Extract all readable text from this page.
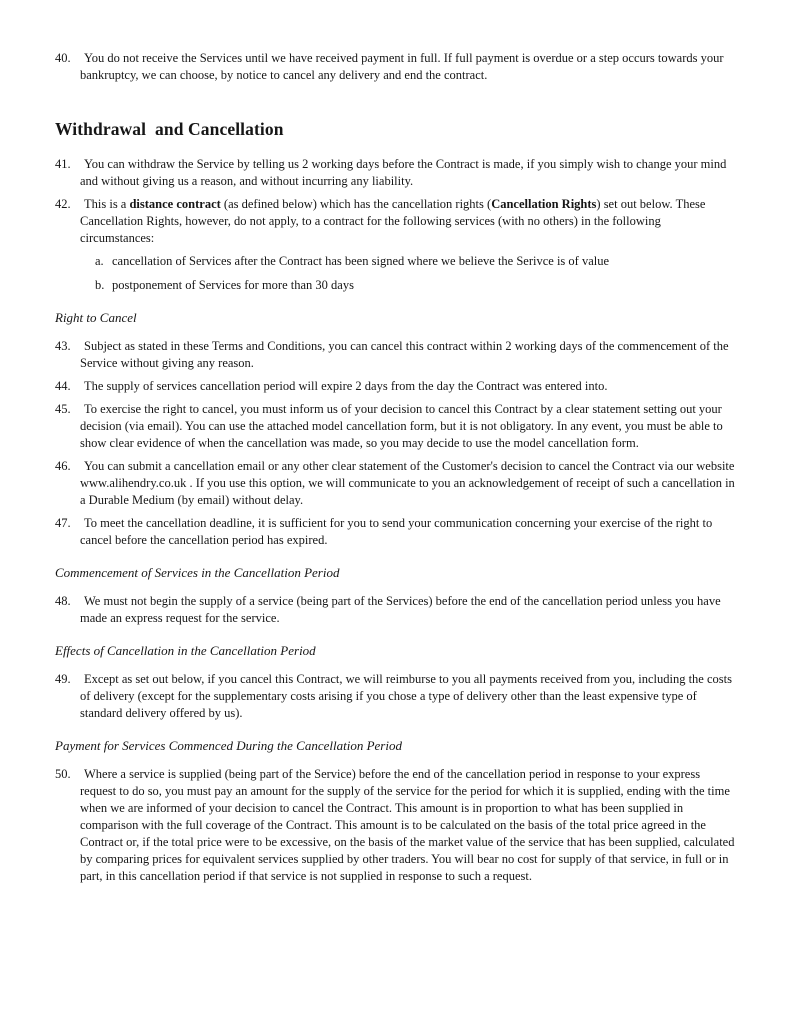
40.	You do not receive the Services until we have received payment in full. If full payment is overdue or a step occurs towards your bankruptcy, we can choose, by notice to cancel any delivery and end the contract.
Withdrawal  and Cancellation
41.	You can withdraw the Service by telling us 2 working days before the Contract is made, if you simply wish to change your mind and without giving us a reason, and without incurring any liability.
42.	This is a distance contract (as defined below) which has the cancellation rights (Cancellation Rights) set out below. These Cancellation Rights, however, do not apply, to a contract for the following services (with no others) in the following circumstances:
a. cancellation of Services after the Contract has been signed where we believe the Serivce is of value
b. postponement of Services for more than 30 days
Right to Cancel
43.	Subject as stated in these Terms and Conditions, you can cancel this contract within 2 working days of the commencement of the Service without giving any reason.
44.	The supply of services cancellation period will expire 2 days from the day the Contract was entered into.
45.	To exercise the right to cancel, you must inform us of your decision to cancel this Contract by a clear statement setting out your decision (via email). You can use the attached model cancellation form, but it is not obligatory. In any event, you must be able to show clear evidence of when the cancellation was made, so you may decide to use the model cancellation form.
46.	You can submit a cancellation email or any other clear statement of the Customer's decision to cancel the Contract via our website www.alihendry.co.uk . If you use this option, we will communicate to you an acknowledgement of receipt of such a cancellation in a Durable Medium (by email) without delay.
47.	To meet the cancellation deadline, it is sufficient for you to send your communication concerning your exercise of the right to cancel before the cancellation period has expired.
Commencement of Services in the Cancellation Period
48.	We must not begin the supply of a service (being part of the Services) before the end of the cancellation period unless you have made an express request for the service.
Effects of Cancellation in the Cancellation Period
49.	Except as set out below, if you cancel this Contract, we will reimburse to you all payments received from you, including the costs of delivery (except for the supplementary costs arising if you chose a type of delivery other than the least expensive type of standard delivery offered by us).
Payment for Services Commenced During the Cancellation Period
50.	Where a service is supplied (being part of the Service) before the end of the cancellation period in response to your express request to do so, you must pay an amount for the supply of the service for the period for which it is supplied, ending with the time when we are informed of your decision to cancel the Contract. This amount is in proportion to what has been supplied in comparison with the full coverage of the Contract. This amount is to be calculated on the basis of the total price agreed in the Contract or, if the total price were to be excessive, on the basis of the market value of the service that has been supplied, calculated by comparing prices for equivalent services supplied by other traders. You will bear no cost for supply of that service, in full or in part, in this cancellation period if that service is not supplied in response to such a request.
